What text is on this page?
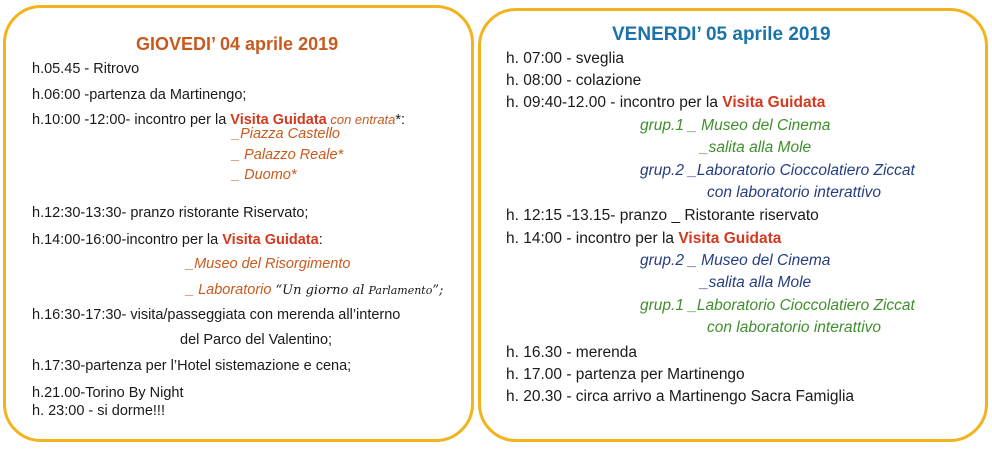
GIOVEDI’ 04 aprile 2019
h.05.45 - Ritrovo
h.06:00 -partenza da Martinengo;
h.10:00 -12:00- incontro per la Visita Guidata con entrata*:
_Piazza Castello
_ Palazzo Reale*
_ Duomo*
h.12:30-13:30- pranzo ristorante Riservato;
h.14:00-16:00-incontro per la Visita Guidata:
_Museo del Risorgimento
_ Laboratorio “Un giorno al Parlamento”;
h.16:30-17:30- visita/passeggiata con merenda all’interno
del Parco del Valentino;
h.17:30-partenza per l’Hotel sistemazione e cena;
h.21.00-Torino By Night
h. 23:00 - si dorme!!!
VENERDI’ 05 aprile 2019
h. 07:00 - sveglia
h. 08:00 - colazione
h. 09:40-12.00 - incontro per la Visita Guidata
grup.1 _ Museo del Cinema
_salita alla Mole
grup.2 _Laboratorio Cioccolatiero Ziccat
con laboratorio interattivo
h. 12:15 -13.15- pranzo _ Ristorante riservato
h. 14:00 - incontro per la Visita Guidata
grup.2 _ Museo del Cinema
_salita alla Mole
grup.1 _Laboratorio Cioccolatiero Ziccat
con laboratorio interattivo
h. 16.30 - merenda
h. 17.00 - partenza per Martinengo
h. 20.30 - circa arrivo a Martinengo Sacra Famiglia
